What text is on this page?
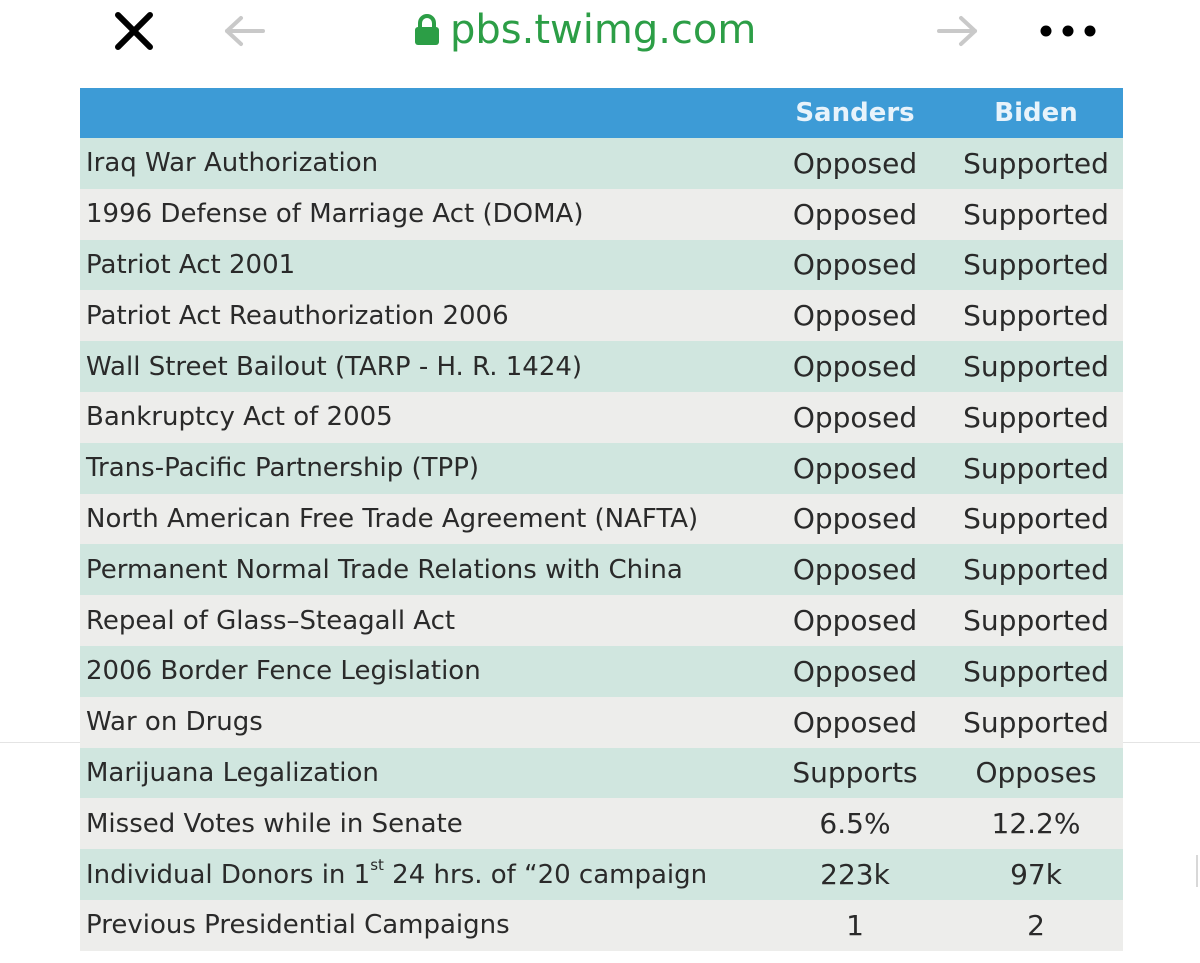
pbs.twimg.com
Sanders	Biden
Iraq War Authorization	Opposed	Supported
1996 Defense of Marriage Act (DOMA)	Opposed	Supported
Patriot Act 2001	Opposed	Supported
Patriot Act Reauthorization 2006	Opposed	Supported
Wall Street Bailout (TARP - H. R. 1424)	Opposed	Supported
Bankruptcy Act of 2005	Opposed	Supported
Trans-Pacific Partnership (TPP)	Opposed	Supported
North American Free Trade Agreement (NAFTA)	Opposed	Supported
Permanent Normal Trade Relations with China	Opposed	Supported
Repeal of Glass–Steagall Act	Opposed	Supported
2006 Border Fence Legislation	Opposed	Supported
War on Drugs	Opposed	Supported
Marijuana Legalization	Supports	Opposes
Missed Votes while in Senate	6.5%	12.2%
Individual Donors in 1st 24 hrs. of “20 campaign	223k	97k
Previous Presidential Campaigns	1	2
